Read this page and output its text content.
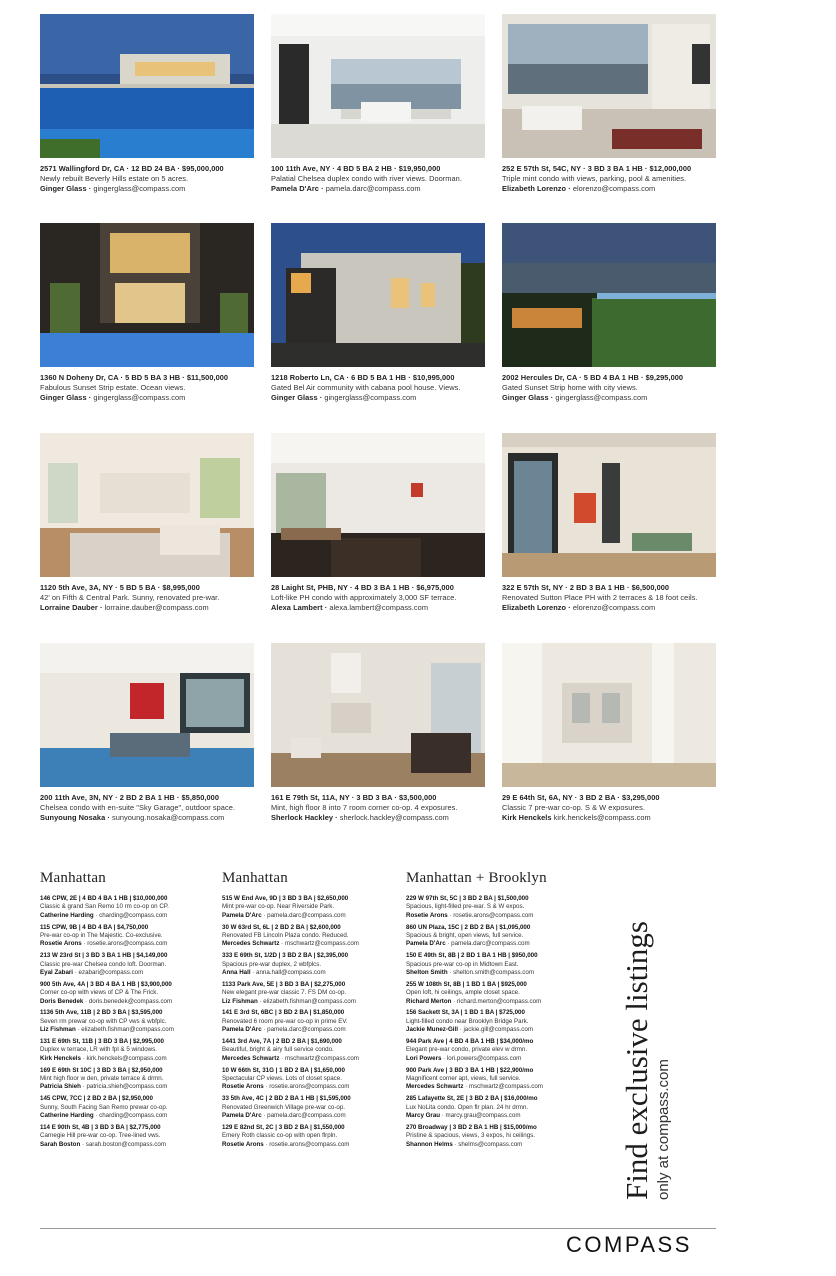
2571 Wallingford Dr, CA · 12 BD 24 BA · $95,000,000
Newly rebuilt Beverly Hills estate on 5 acres.
Ginger Glass · gingerglass@compass.com
100 11th Ave, NY · 4 BD 5 BA 2 HB · $19,950,000
Palatial Chelsea duplex condo with river views. Doorman.
Pamela D'Arc · pamela.darc@compass.com
252 E 57th St, 54C, NY · 3 BD 3 BA 1 HB · $12,000,000
Triple mint condo with views, parking, pool & amenities.
Elizabeth Lorenzo · elorenzo@compass.com
1360 N Doheny Dr, CA · 5 BD 5 BA 3 HB · $11,500,000
Fabulous Sunset Strip estate. Ocean views.
Ginger Glass · gingerglass@compass.com
1218 Roberto Ln, CA · 6 BD 5 BA 1 HB · $10,995,000
Gated Bel Air community with cabana pool house. Views.
Ginger Glass · gingerglass@compass.com
2002 Hercules Dr, CA · 5 BD 4 BA 1 HB · $9,295,000
Gated Sunset Strip home with city views.
Ginger Glass · gingerglass@compass.com
1120 5th Ave, 3A, NY · 5 BD 5 BA · $8,995,000
42' on Fifth & Central Park. Sunny, renovated pre-war.
Lorraine Dauber · lorraine.dauber@compass.com
28 Laight St, PHB, NY · 4 BD 3 BA 1 HB · $6,975,000
Loft-like PH condo with approximately 3,000 SF terrace.
Alexa Lambert · alexa.lambert@compass.com
322 E 57th St, NY · 2 BD 3 BA 1 HB · $6,500,000
Renovated Sutton Place PH with 2 terraces & 18 foot ceils.
Elizabeth Lorenzo · elorenzo@compass.com
200 11th Ave, 3N, NY · 2 BD 2 BA 1 HB · $5,850,000
Chelsea condo with en-suite "Sky Garage", outdoor space.
Sunyoung Nosaka · sunyoung.nosaka@compass.com
161 E 79th St, 11A, NY · 3 BD 3 BA · $3,500,000
Mint, high floor 8 into 7 room corner co-op. 4 exposures.
Sherlock Hackley · sherlock.hackley@compass.com
29 E 64th St, 6A, NY · 3 BD 2 BA · $3,295,000
Classic 7 pre-war co-op. S & W exposures.
Kirk Henckels kirk.henckels@compass.com
Manhattan
146 CPW, 2E | 4 BD 4 BA 1 HB | $10,000,000
Classic & grand San Remo 10 rm co-op on CP.
Catherine Harding · charding@compass.com
115 CPW, 9B | 4 BD 4 BA | $4,750,000
Pre-war co-op in The Majestic. Co-exclusive.
Rosetie Arons · rosetie.arons@compass.com
213 W 23rd St | 3 BD 3 BA 1 HB | $4,149,000
Classic pre-war Chelsea condo loft. Doorman.
Eyal Zabari · ezabari@compass.com
900 5th Ave, 4A | 3 BD 4 BA 1 HB | $3,900,000
Corner co-op with views of CP & The Frick.
Doris Benedek · doris.benedek@compass.com
1136 5th Ave, 11B | 2 BD 3 BA | $3,595,000
Seven rm prewar co-op with CP vws & wbfplc.
Liz Fishman · elizabeth.fishman@compass.com
131 E 69th St, 11B | 3 BD 3 BA | $2,995,000
Duplex w terrace, LR with fpl & 5 windows.
Kirk Henckels · kirk.henckels@compass.com
169 E 69th St 10C | 3 BD 3 BA | $2,950,000
Mint high floor w den, private terrace & drmn.
Patricia Shieh · patricia.shieh@compass.com
145 CPW, 7CC | 2 BD 2 BA | $2,950,000
Sunny, South Facing San Remo prewar co-op.
Catherine Harding · charding@compass.com
114 E 90th St, 4B | 3 BD 3 BA | $2,775,000
Carnegie Hill pre-war co-op. Tree-lined vws.
Sarah Boston · sarah.boston@compass.com
Manhattan
515 W End Ave, 9D | 3 BD 3 BA | $2,650,000
Mint pre-war co-op. Near Riverside Park.
Pamela D'Arc · pamela.darc@compass.com
30 W 63rd St, 6L | 2 BD 2 BA | $2,600,000
Renovated FB Lincoln Plaza condo. Reduced.
Mercedes Schwartz · mschwartz@compass.com
333 E 69th St, 1/2D | 3 BD 2 BA | $2,395,000
Spacious pre-war duplex, 2 wbfplcs.
Anna Hall · anna.hall@compass.com
1133 Park Ave, 5E | 3 BD 3 BA | $2,275,000
New elegant pre-war classic 7. FS DM co-op.
Liz Fishman · elizabeth.fishman@compass.com
141 E 3rd St, 6BC | 3 BD 2 BA | $1,850,000
Renovated 6 room pre-war co-op in prime EV.
Pamela D'Arc · pamela.darc@compass.com
1441 3rd Ave, 7A | 2 BD 2 BA | $1,690,000
Beautiful, bright & airy full service condo.
Mercedes Schwartz · mschwartz@compass.com
10 W 66th St, 31G | 1 BD 2 BA | $1,650,000
Spectacular CP views. Lots of closet space.
Rosetie Arons · rosetie.arons@compass.com
33 5th Ave, 4C | 2 BD 2 BA 1 HB | $1,595,000
Renovated Greenwich Village pre-war co-op.
Pamela D'Arc · pamela.darc@compass.com
129 E 82nd St, 2C | 3 BD 2 BA | $1,550,000
Emery Roth classic co-op with open flrpln.
Rosetie Arons · rosetie.arons@compass.com
Manhattan + Brooklyn
229 W 97th St, 5C | 3 BD 2 BA | $1,500,000
Spacious, light-filled pre-war. S & W expos.
Rosetie Arons · rosetie.arons@compass.com
860 UN Plaza, 15C | 2 BD 2 BA | $1,095,000
Spacious & bright, open views, full service.
Pamela D'Arc · pamela.darc@compass.com
150 E 49th St, 8B | 2 BD 1 BA 1 HB | $950,000
Spacious pre-war co-op in Midtown East.
Shelton Smith · shelton.smith@compass.com
255 W 108th St, 8B | 1 BD 1 BA | $925,000
Open loft, hi ceilings, ample closet space.
Richard Merton · richard.merton@compass.com
156 Sackett St, 3A | 1 BD 1 BA | $725,000
Light-filled condo near Brooklyn Bridge Park.
Jackie Munez-Gill · jackie.gill@compass.com
944 Park Ave | 4 BD 4 BA 1 HB | $34,000/mo
Elegant pre-war condo, private elev w drmn.
Lori Powers · lori.powers@compass.com
900 Park Ave | 3 BD 3 BA 1 HB | $22,900/mo
Magnificent corner apt, views, full service.
Mercedes Schwartz · mschwartz@compass.com
285 Lafayette St, 2E | 3 BD 2 BA | $16,000/mo
Lux NoLita condo. Open flr plan. 24 hr drmn.
Marcy Grau · marcy.grau@compass.com
270 Broadway | 3 BD 2 BA 1 HB | $15,000/mo
Pristine & spacious, views, 3 expos, hi ceilings.
Shannon Helms · shelms@compass.com	Find exclusive listings only at compass.com
COMPASS
